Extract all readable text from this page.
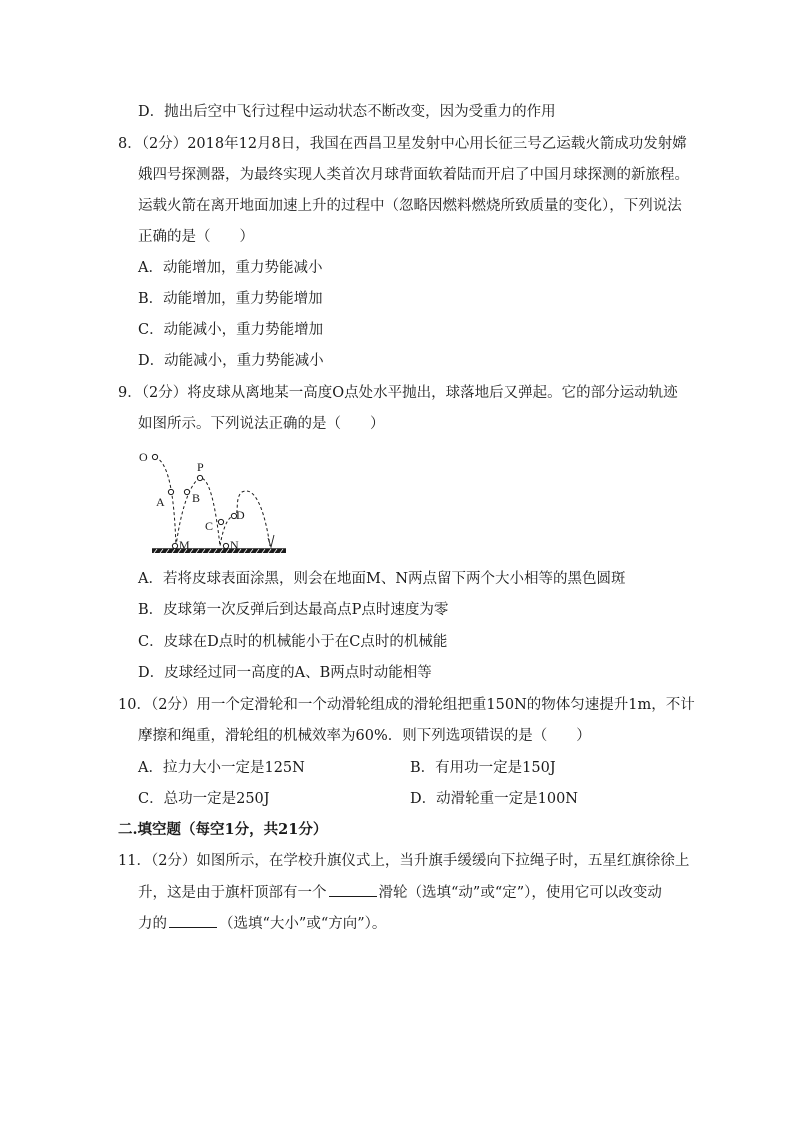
D．抛出后空中飞行过程中运动状态不断改变，因为受重力的作用
8．（2分）2018年12月8日，我国在西昌卫星发射中心用长征三号乙运载火箭成功发射嫦
娥四号探测器，为最终实现人类首次月球背面软着陆而开启了中国月球探测的新旅程。
运载火箭在离开地面加速上升的过程中（忽略因燃料燃烧所致质量的变化），下列说法
正确的是（　　）
A．动能增加，重力势能减小
B．动能增加，重力势能增加
C．动能减小，重力势能增加
D．动能减小，重力势能减小
9．（2分）将皮球从离地某一高度O点处水平抛出，球落地后又弹起。它的部分运动轨迹
如图所示。下列说法正确的是（　　）
O
P
A B
C
D
M	N
A．若将皮球表面涂黑，则会在地面M、N两点留下两个大小相等的黑色圆斑
B．皮球第一次反弹后到达最高点P点时速度为零
C．皮球在D点时的机械能小于在C点时的机械能
D．皮球经过同一高度的A、B两点时动能相等
10．（2分）用一个定滑轮和一个动滑轮组成的滑轮组把重150N的物体匀速提升1m，不计
摩擦和绳重，滑轮组的机械效率为60%．则下列选项错误的是（　　）
A．拉力大小一定是125N	B．有用功一定是150J
C．总功一定是250J	D．动滑轮重一定是100N
二.填空题（每空1分，共21分）
11．（2分）如图所示，在学校升旗仪式上，当升旗手缓缓向下拉绳子时，五星红旗徐徐上
升，这是由于旗杆顶部有一个	滑轮（选填“动”或“定”），使用它可以改变动
力的	（选填“大小”或“方向”）。
